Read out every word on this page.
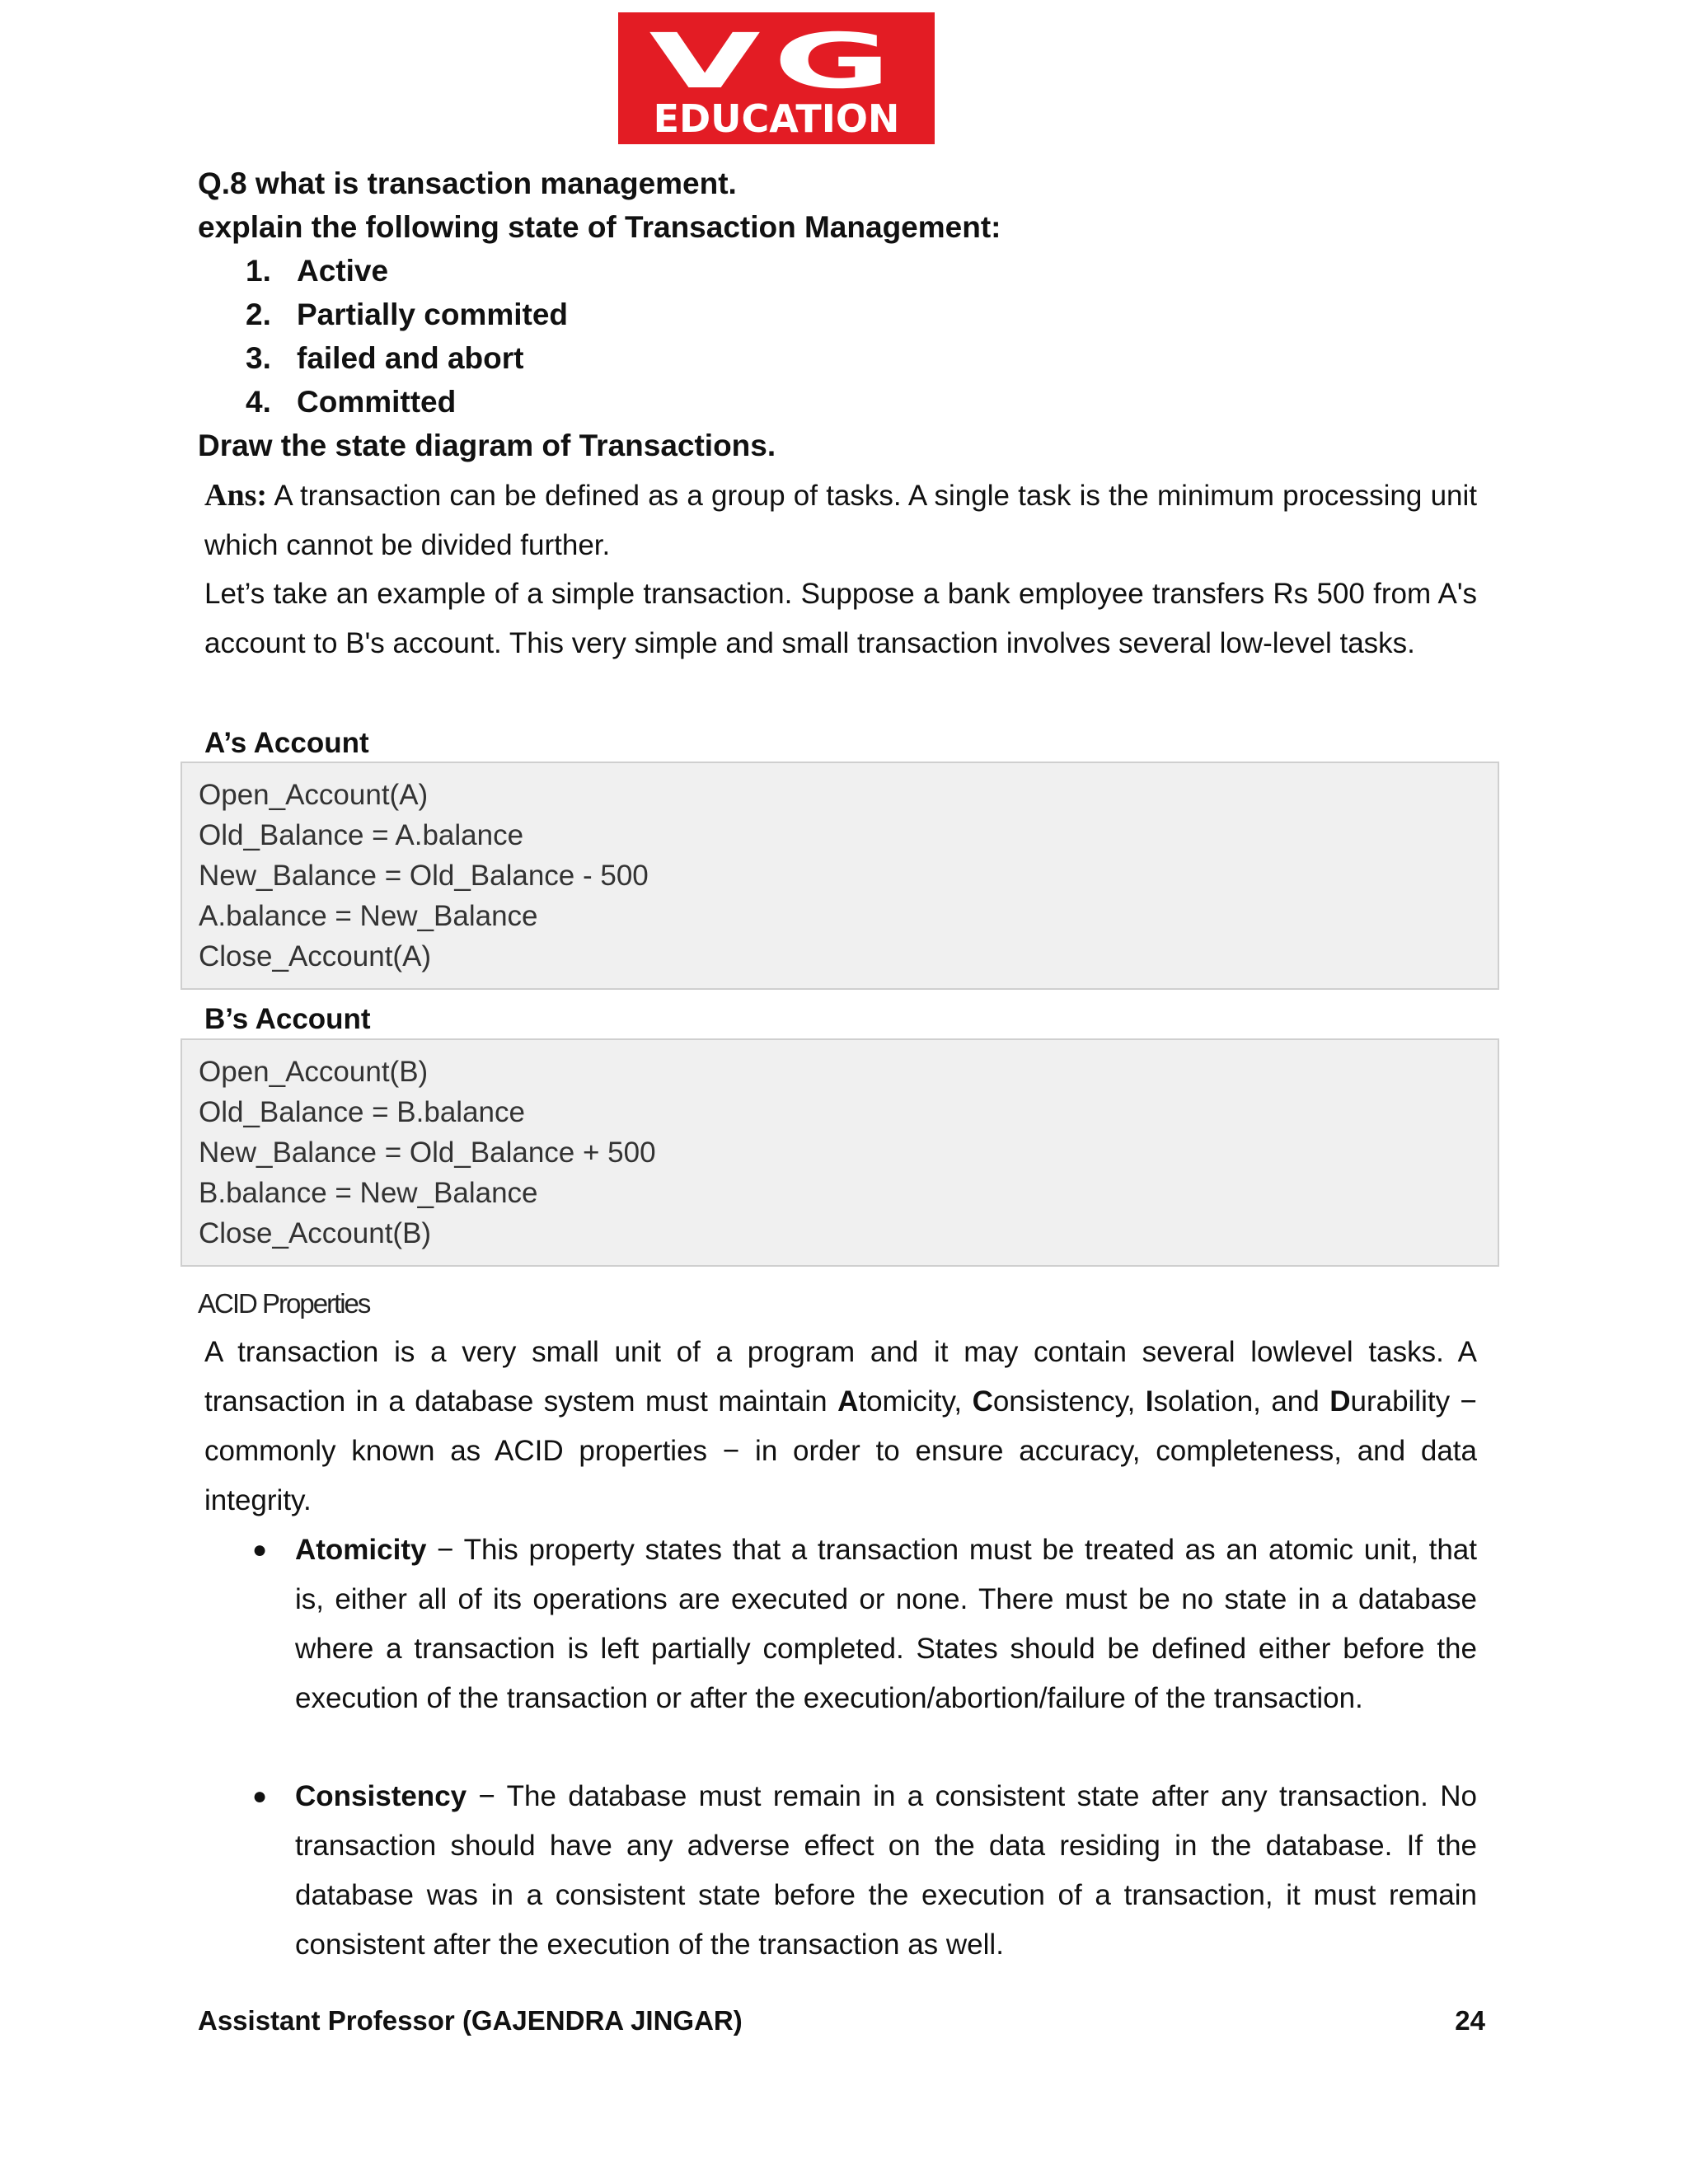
VG
EDUCATION
Q.8 what is transaction management.
explain the following state of Transaction Management:
1. Active
2. Partially commited
3. failed and abort
4. Committed
Draw the state diagram of Transactions.
Ans: A transaction can be defined as a group of tasks. A single task is the minimum processing unit which cannot be divided further.
Let’s take an example of a simple transaction. Suppose a bank employee transfers Rs 500 from A's account to B's account. This very simple and small transaction involves several low-level tasks.
A’s Account
Open_Account(A)
Old_Balance = A.balance
New_Balance = Old_Balance - 500
A.balance = New_Balance
Close_Account(A)
B’s Account
Open_Account(B)
Old_Balance = B.balance
New_Balance = Old_Balance + 500
B.balance = New_Balance
Close_Account(B)
ACID Properties
A transaction is a very small unit of a program and it may contain several lowlevel tasks. A transaction in a database system must maintain Atomicity, Consistency, Isolation, and Durability − commonly known as ACID properties − in order to ensure accuracy, completeness, and data integrity.
● Atomicity − This property states that a transaction must be treated as an atomic unit, that is, either all of its operations are executed or none. There must be no state in a database where a transaction is left partially completed. States should be defined either before the execution of the transaction or after the execution/abortion/failure of the transaction.
● Consistency − The database must remain in a consistent state after any transaction. No transaction should have any adverse effect on the data residing in the database. If the database was in a consistent state before the execution of a transaction, it must remain consistent after the execution of the transaction as well.
Assistant Professor (GAJENDRA JINGAR)	24
